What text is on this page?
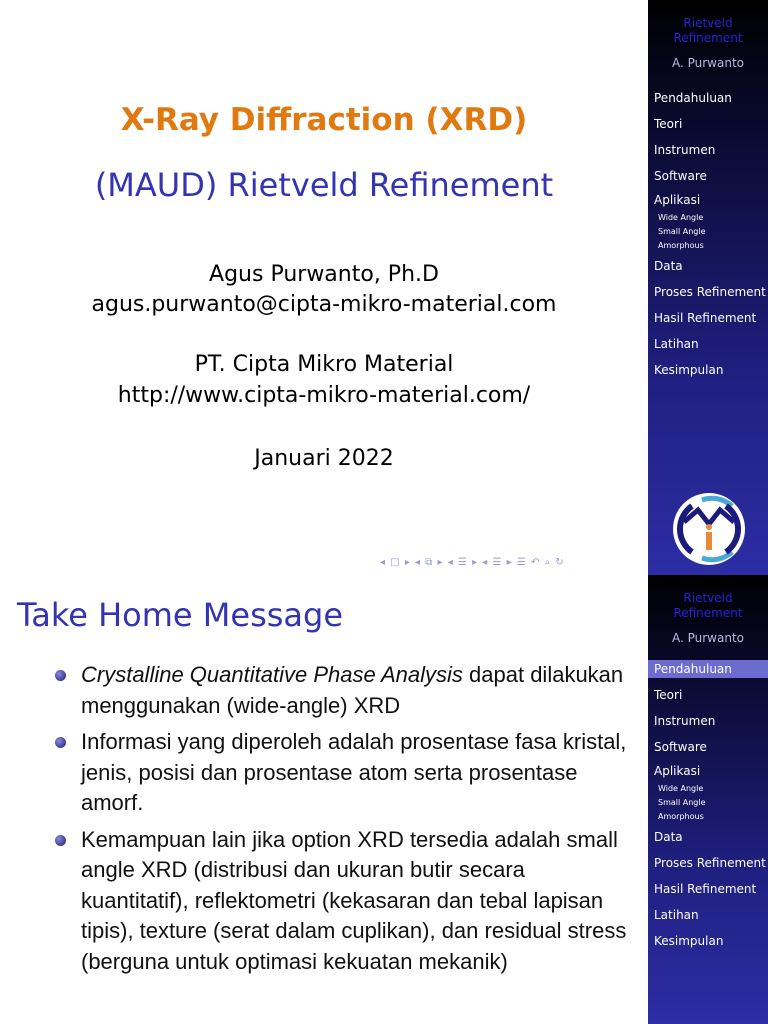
X-Ray Diffraction (XRD)
(MAUD) Rietveld Refinement
Agus Purwanto, Ph.D
agus.purwanto@cipta-mikro-material.com
PT. Cipta Mikro Material
http://www.cipta-mikro-material.com/
Januari 2022
◂ □ ▸ ◂ ⧉ ▸ ◂ ☰ ▸ ◂ ☰ ▸ ☰ ↶ ⌕ ↻
Rietveld Refinement
A. Purwanto
Pendahuluan
Teori
Instrumen
Software
Aplikasi
Wide Angle
Small Angle
Amorphous
Data
Proses Refinement
Hasil Refinement
Latihan
Kesimpulan
Take Home Message
Crystalline Quantitative Phase Analysis dapat dilakukan menggunakan (wide-angle) XRD
Informasi yang diperoleh adalah prosentase fasa kristal, jenis, posisi dan prosentase atom serta prosentase amorf.
Kemampuan lain jika option XRD tersedia adalah small angle XRD (distribusi dan ukuran butir secara kuantitatif), reflektometri (kekasaran dan tebal lapisan tipis), texture (serat dalam cuplikan), dan residual stress (berguna untuk optimasi kekuatan mekanik)
Rietveld Refinement
A. Purwanto
Pendahuluan
Teori
Instrumen
Software
Aplikasi
Wide Angle
Small Angle
Amorphous
Data
Proses Refinement
Hasil Refinement
Latihan
Kesimpulan
